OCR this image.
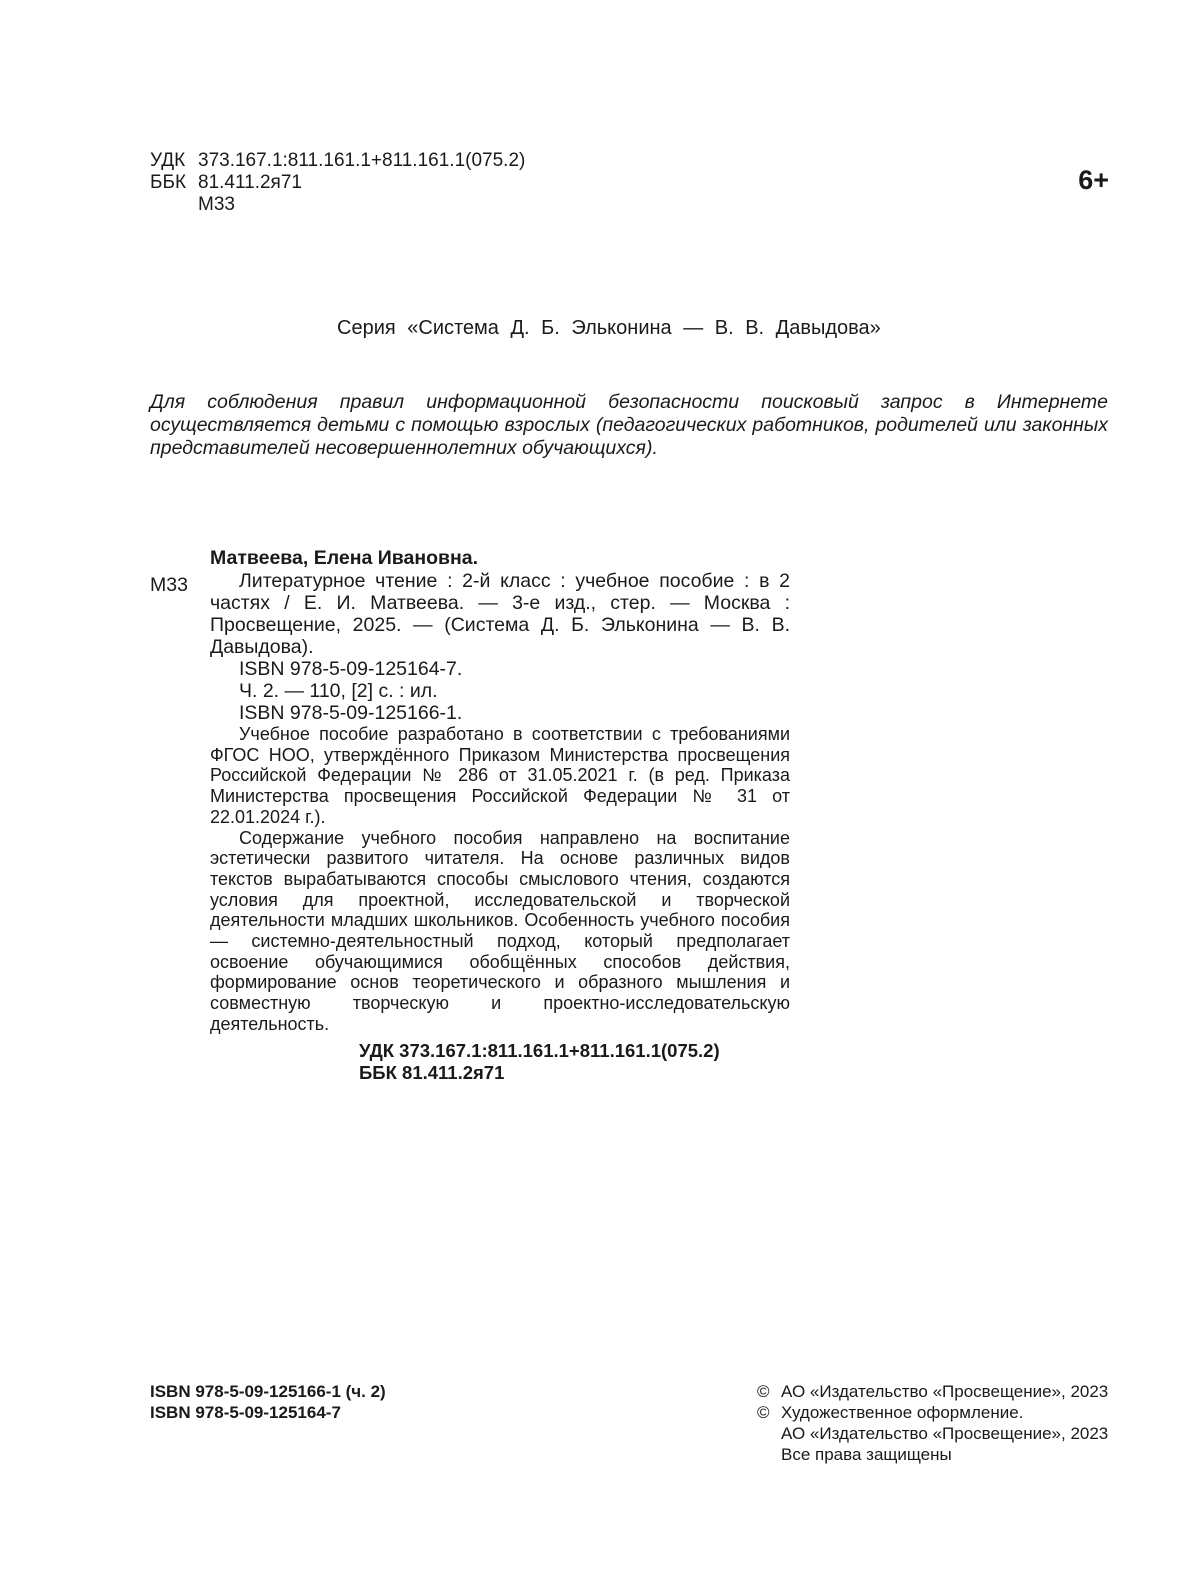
УДК 373.167.1:811.161.1+811.161.1(075.2)
ББК 81.411.2я71
М33
6+
Серия «Система Д. Б. Эльконина — В. В. Давыдова»
Для соблюдения правил информационной безопасности поисковый запрос в Интернете осуществляется детьми с помощью взрослых (педагогических работников, родителей или законных представителей несовершеннолетних обучающихся).
Матвеева, Елена Ивановна.
М33	Литературное чтение : 2-й класс : учебное пособие : в 2 частях / Е. И. Матвеева. — 3-е изд., стер. — Москва : Просвещение, 2025. — (Система Д. Б. Эльконина — В. В. Давыдова).

ISBN 978-5-09-125164-7.
Ч. 2. — 110, [2] с. : ил.
ISBN 978-5-09-125166-1.

Учебное пособие разработано в соответствии с требованиями ФГОС НОО, утверждённого Приказом Министерства просвещения Российской Федерации № 286 от 31.05.2021 г. (в ред. Приказа Министерства просвещения Российской Федерации № 31 от 22.01.2024 г.).

Содержание учебного пособия направлено на воспитание эстетически развитого читателя. На основе различных видов текстов вырабатываются способы смыслового чтения, создаются условия для проектной, исследовательской и творческой деятельности младших школьников. Особенность учебного пособия — системно-деятельностный подход, который предполагает освоение обучающимися обобщённых способов действия, формирование основ теоретического и образного мышления и совместную творческую и проектно-исследовательскую деятельность.

УДК 373.167.1:811.161.1+811.161.1(075.2)
ББК 81.411.2я71
ISBN 978-5-09-125166-1 (ч. 2)
ISBN 978-5-09-125164-7
© АО «Издательство «Просвещение», 2023
© Художественное оформление.
АО «Издательство «Просвещение», 2023
Все права защищены
